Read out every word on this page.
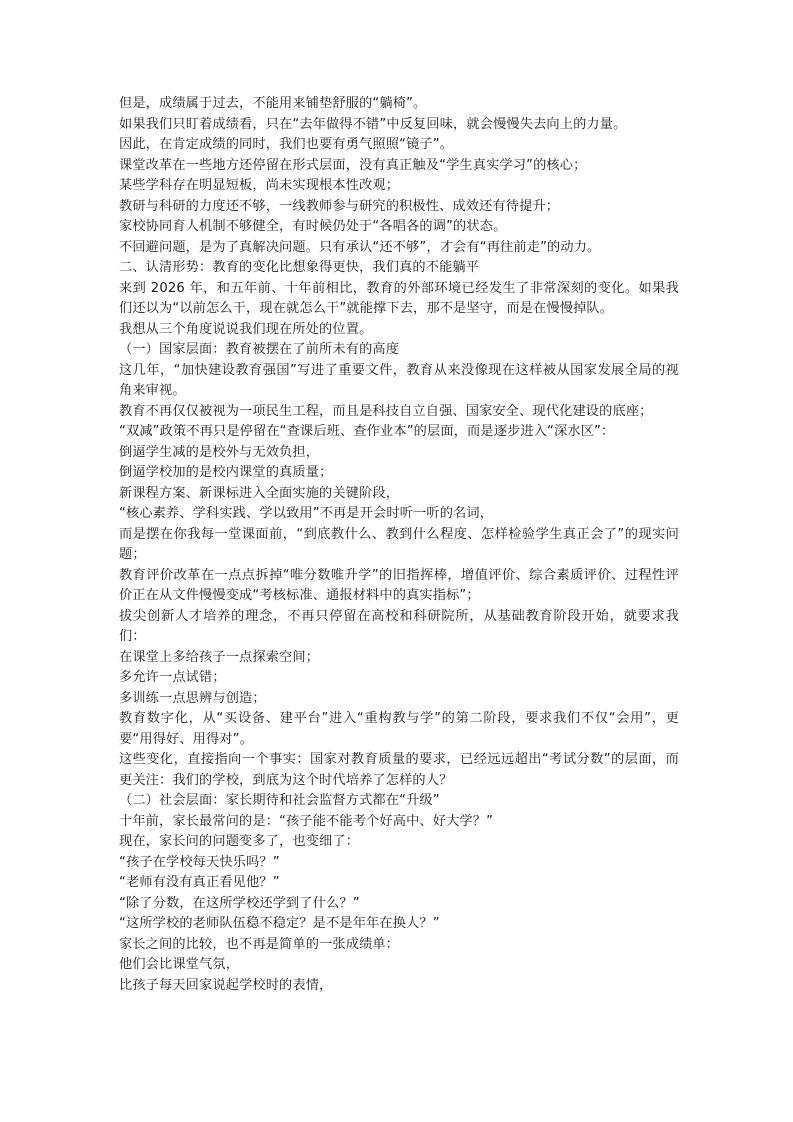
但是，成绩属于过去，不能用来铺垫舒服的“躺椅”。

如果我们只盯着成绩看，只在“去年做得不错”中反复回味，就会慢慢失去向上的力量。

因此，在肯定成绩的同时，我们也要有勇气照照“镜子”。

课堂改革在一些地方还停留在形式层面，没有真正触及“学生真实学习”的核心；

某些学科存在明显短板，尚未实现根本性改观；

教研与科研的力度还不够，一线教师参与研究的积极性、成效还有待提升；

家校协同育人机制不够健全，有时候仍处于“各唱各的调”的状态。

不回避问题，是为了真解决问题。只有承认“还不够”，才会有“再往前走”的动力。

二、认清形势：教育的变化比想象得更快，我们真的不能躺平

来到 2026 年，和五年前、十年前相比，教育的外部环境已经发生了非常深刻的变化。如果我们还以为“以前怎么干，现在就怎么干”就能撑下去，那不是坚守，而是在慢慢掉队。

我想从三个角度说说我们现在所处的位置。

（一）国家层面：教育被摆在了前所未有的高度

这几年，“加快建设教育强国”写进了重要文件，教育从来没像现在这样被从国家发展全局的视角来审视。

教育不再仅仅被视为一项民生工程，而且是科技自立自强、国家安全、现代化建设的底座；

“双减”政策不再只是停留在“查课后班、查作业本”的层面，而是逐步进入“深水区”：

倒逼学生减的是校外与无效负担，

倒逼学校加的是校内课堂的真质量；

新课程方案、新课标进入全面实施的关键阶段，

“核心素养、学科实践、学以致用”不再是开会时听一听的名词，

而是摆在你我每一堂课面前，“到底教什么、教到什么程度、怎样检验学生真正会了”的现实问题；

教育评价改革在一点点拆掉“唯分数唯升学”的旧指挥棒，增值评价、综合素质评价、过程性评价正在从文件慢慢变成“考核标准、通报材料中的真实指标”；

拔尖创新人才培养的理念，不再只停留在高校和科研院所，从基础教育阶段开始，就要求我们：

在课堂上多给孩子一点探索空间；

多允许一点试错；

多训练一点思辨与创造；

教育数字化，从“买设备、建平台”进入“重构教与学”的第二阶段，要求我们不仅“会用”，更要“用得好、用得对”。

这些变化，直接指向一个事实：国家对教育质量的要求，已经远远超出“考试分数”的层面，而更关注：我们的学校，到底为这个时代培养了怎样的人？

（二）社会层面：家长期待和社会监督方式都在“升级”

十年前，家长最常问的是：“孩子能不能考个好高中、好大学？”

现在，家长问的问题变多了，也变细了：

“孩子在学校每天快乐吗？”

“老师有没有真正看见他？”

“除了分数，在这所学校还学到了什么？”

“这所学校的老师队伍稳不稳定？是不是年年在换人？”

家长之间的比较，也不再是简单的一张成绩单：

他们会比课堂气氛，

比孩子每天回家说起学校时的表情，
